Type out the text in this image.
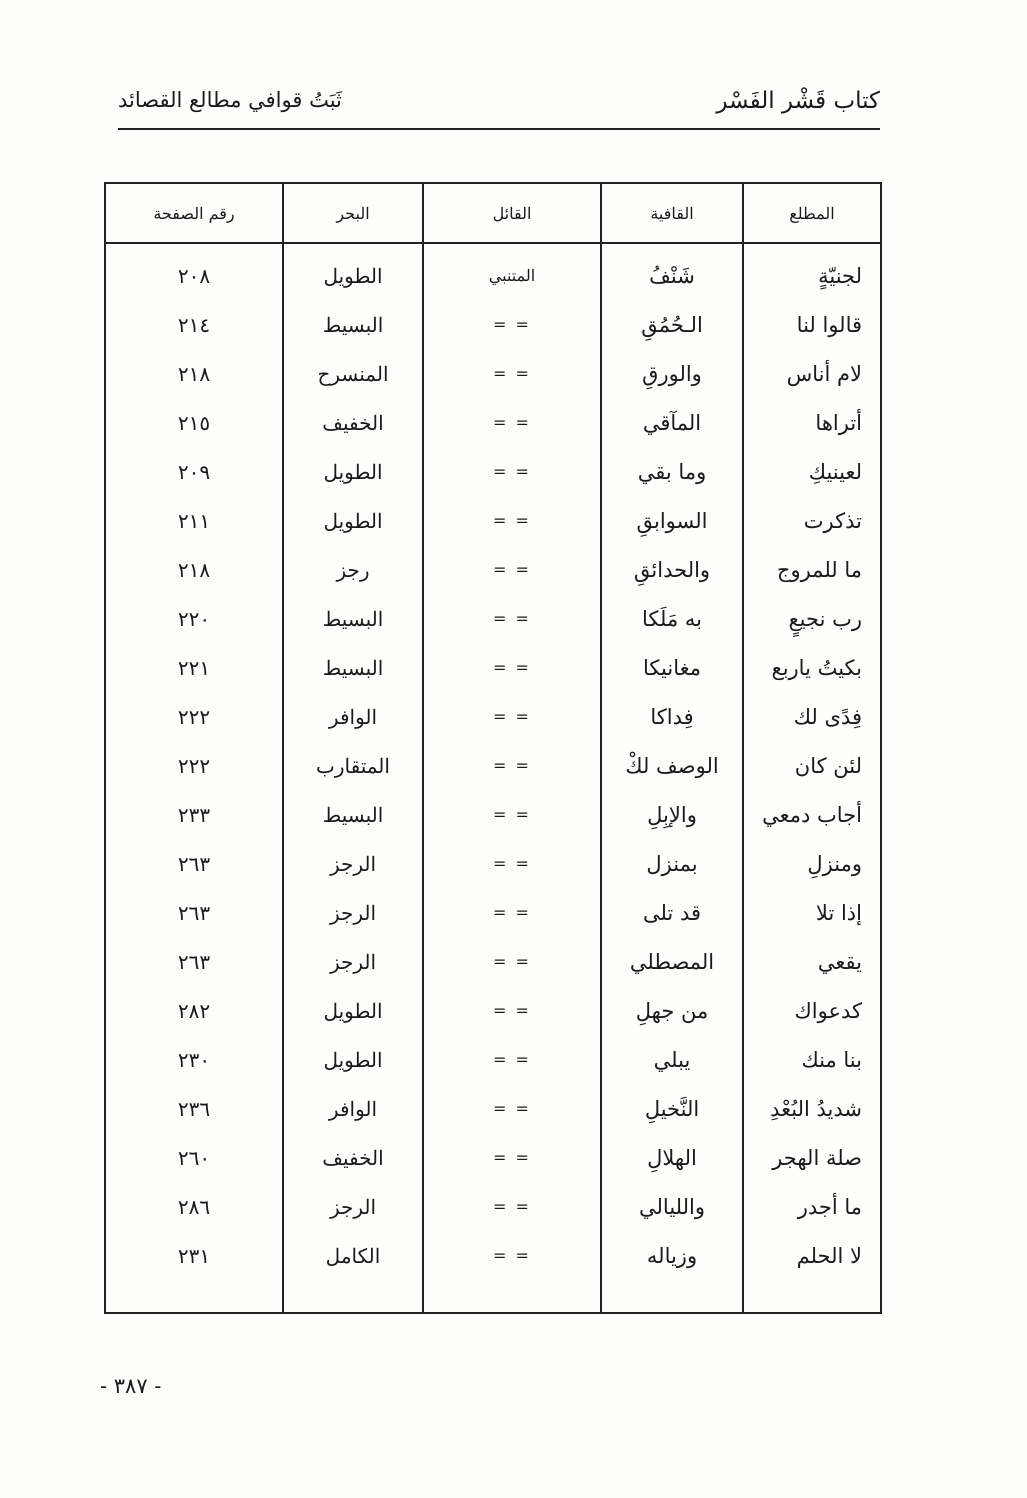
كتاب قَشْر الفَسْر
ثَبَتُ قوافي مطالع القصائد
المطلع	القافية	القائل	البحر	رقم الصفحة

لجنيّةٍ	شَنْفُ	المتنبي	الطويل	٢٠٨
قالوا لنا	الـحُمُقِ	= =	البسيط	٢١٤
لام أناس	والورقِ	= =	المنسرح	٢١٨
أتراها	المآقي	= =	الخفيف	٢١٥
لعينيكِ	وما بقي	= =	الطويل	٢٠٩
تذكرت	السوابقِ	= =	الطويل	٢١١
ما للمروج	والحدائقِ	= =	رجز	٢١٨
رب نجيعٍ	به مَلَكا	= =	البسيط	٢٢٠
بكيتُ ياربع	مغانيكا	= =	البسيط	٢٢١
فِدًى لك	فِداكا	= =	الوافر	٢٢٢
لئن كان	الوصف لكْ	= =	المتقارب	٢٢٢
أجاب دمعي	والإبِلِ	= =	البسيط	٢٣٣
ومنزلِ	بمنزل	= =	الرجز	٢٦٣
إذا تلا	قد تلى	= =	الرجز	٢٦٣
يقعي	المصطلي	= =	الرجز	٢٦٣
كدعواك	من جهلِ	= =	الطويل	٢٨٢
بنا منك	يبلي	= =	الطويل	٢٣٠
شديدُ البُعْدِ	النَّخيلِ	= =	الوافر	٢٣٦
صلة الهجر	الهلالِ	= =	الخفيف	٢٦٠
ما أجدر	والليالي	= =	الرجز	٢٨٦
لا الحلم	وزياله	= =	الكامل	٢٣١

- ٣٨٧ -
